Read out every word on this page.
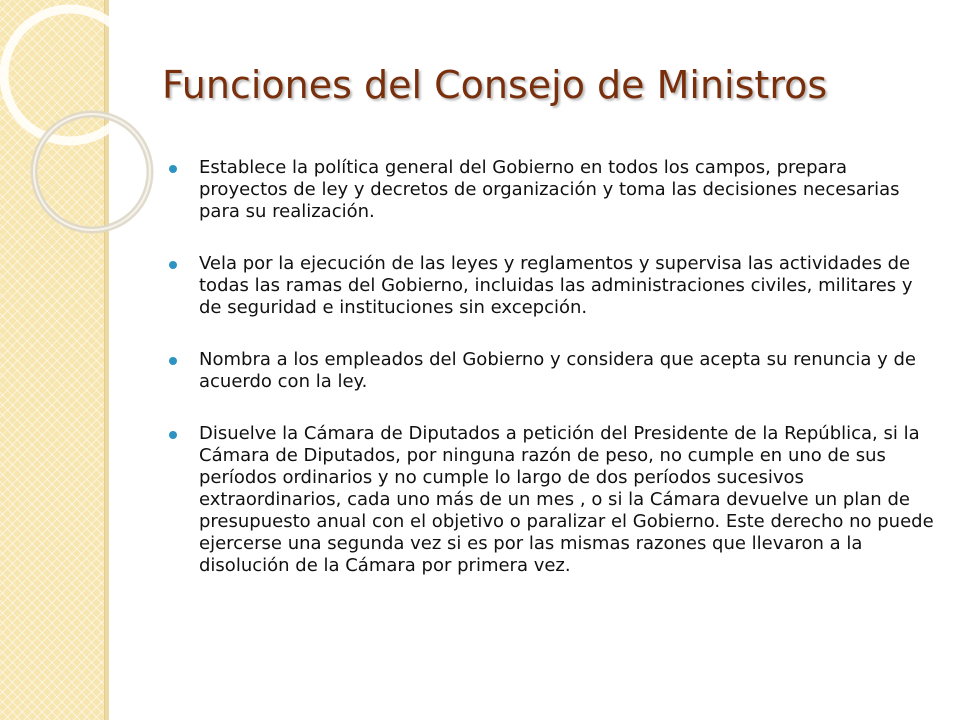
Funciones del Consejo de Ministros
Establece la política general del Gobierno en todos los campos, prepara proyectos de ley y decretos de organización y toma las decisiones necesarias para su realización.
Vela por la ejecución de las leyes y reglamentos y supervisa las actividades de todas las ramas del Gobierno, incluidas las administraciones civiles, militares y de seguridad e instituciones sin excepción.
Nombra a los empleados del Gobierno y considera que acepta su renuncia y de acuerdo con la ley.
Disuelve la Cámara de Diputados a petición del Presidente de la República, si la Cámara de Diputados, por ninguna razón de peso, no cumple en uno de sus períodos ordinarios y no cumple lo largo de dos períodos sucesivos extraordinarios, cada uno más de un mes , o si la Cámara devuelve un plan de presupuesto anual con el objetivo o paralizar el Gobierno. Este derecho no puede ejercerse una segunda vez si es por las mismas razones que llevaron a la disolución de la Cámara por primera vez.
